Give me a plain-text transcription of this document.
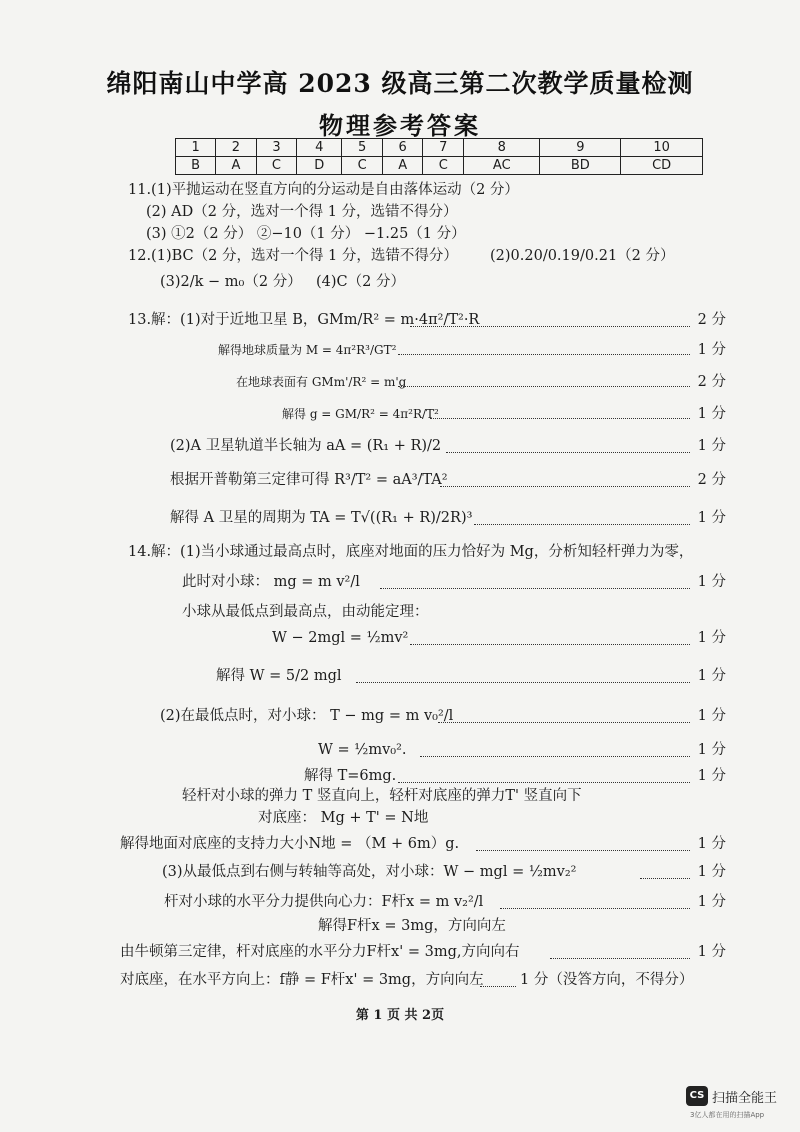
绵阳南山中学高 2023 级高三第二次教学质量检测
物理参考答案
1	2	3	4	5	6	7	8	9	10
B	A	C	D	C	A	C	AC	BD	CD
11.(1)平抛运动在竖直方向的分运动是自由落体运动（2 分）
(2) AD（2 分，选对一个得 1 分，选错不得分）
(3) ①2（2 分） ②−10（1 分） −1.25（1 分）
12.(1)BC（2 分，选对一个得 1 分，选错不得分） (2)0.20/0.19/0.21（2 分）
(3)2/k − m₀（2 分） (4)C（2 分）
13.解：(1)对于近地卫星 B，GMm/R² = m·4π²/T²·R	2 分
解得地球质量为 M = 4π²R³/GT²	1 分
在地球表面有 GMm'/R² = m'g	2 分
解得 g = GM/R² = 4π²R/T²	1 分
(2)A 卫星轨道半长轴为 aA = (R₁ + R)/2	1 分
根据开普勒第三定律可得 R³/T² = aA³/TA²	2 分
解得 A 卫星的周期为 TA = T√((R₁ + R)/2R)³	1 分
14.解：(1)当小球通过最高点时，底座对地面的压力恰好为 Mg，分析知轻杆弹力为零，
此时对小球： mg = m v²/l	1 分
小球从最低点到最高点，由动能定理：
W − 2mgl = ½mv²	1 分
解得 W = 5/2 mgl	1 分
(2)在最低点时，对小球： T − mg = m v₀²/l	1 分
W = ½mv₀².	1 分
解得 T=6mg.	1 分
轻杆对小球的弹力 T 竖直向上，轻杆对底座的弹力T' 竖直向下
对底座： Mg + T' = N地
解得地面对底座的支持力大小N地 = （M + 6m）g.	1 分
(3)从最低点到右侧与转轴等高处，对小球：W − mgl = ½mv₂²	1 分
杆对小球的水平分力提供向心力：F杆x = m v₂²/l	1 分
解得F杆x = 3mg，方向向左
由牛顿第三定律，杆对底座的水平分力F杆x' = 3mg,方向向右	1 分
对底座，在水平方向上：f静 = F杆x' = 3mg，方向向左	1 分（没答方向，不得分）
第 1 页 共 2页
CS 扫描全能王
3亿人都在用的扫描App
